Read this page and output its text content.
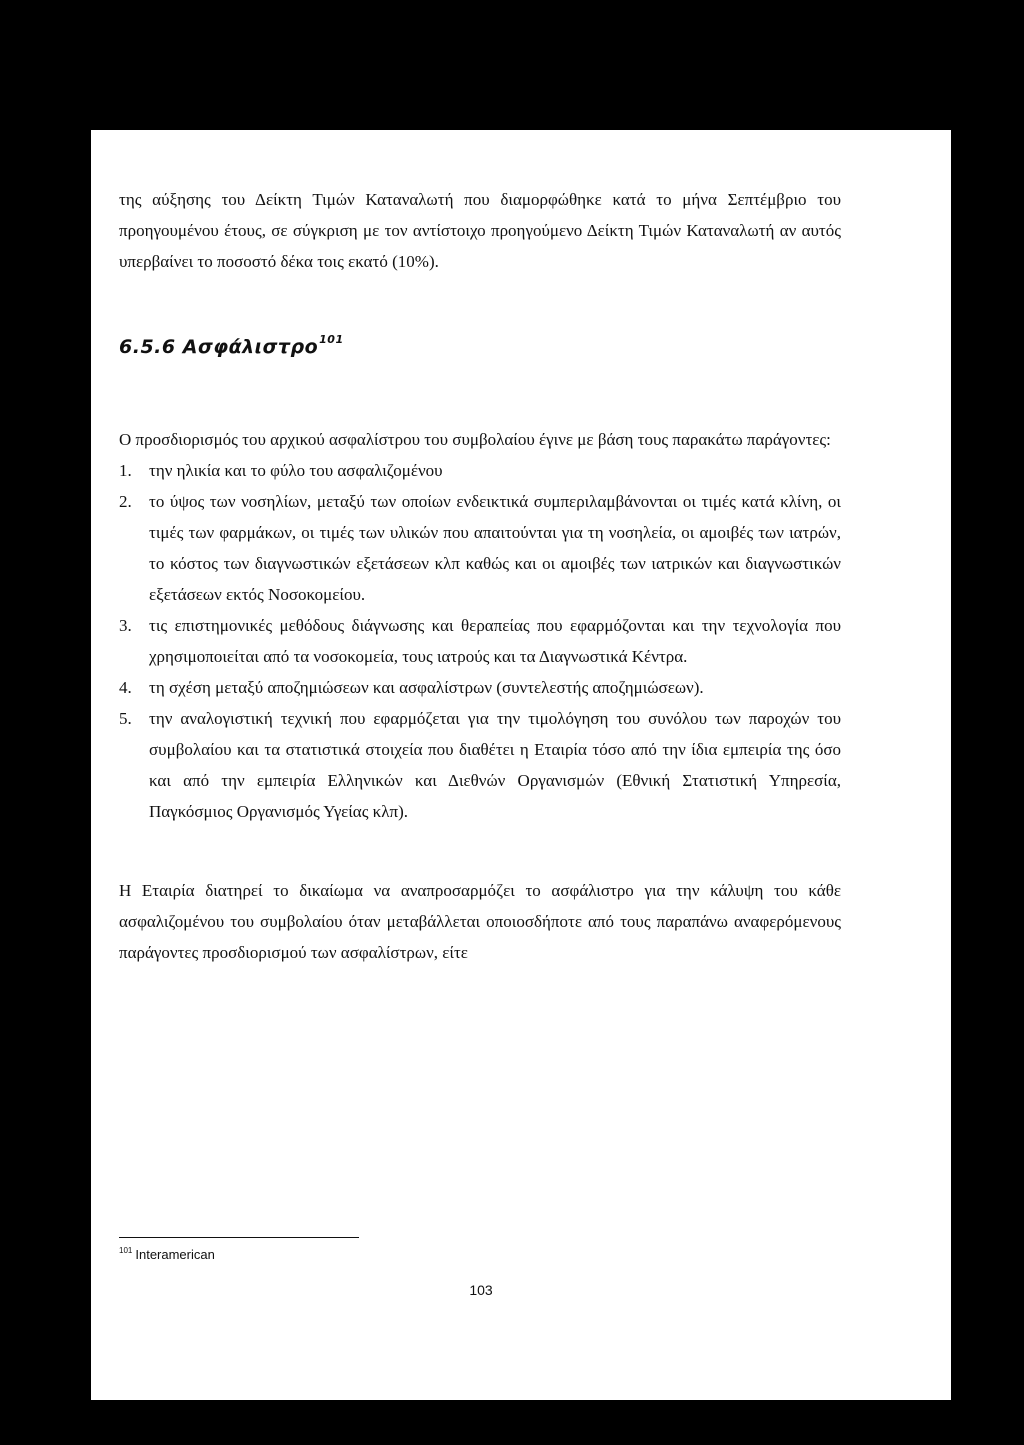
της αύξησης του Δείκτη Τιμών Καταναλωτή που διαμορφώθηκε κατά το μήνα Σεπτέμβριο του προηγουμένου έτους, σε σύγκριση με τον αντίστοιχο προηγούμενο Δείκτη Τιμών Καταναλωτή αν αυτός υπερβαίνει το ποσοστό δέκα τοις εκατό (10%).

6.5.6 Ασφάλιστρο$^{101}$

Ο προσδιορισμός του αρχικού ασφαλίστρου του συμβολαίου έγινε με βάση τους παρακάτω παράγοντες:

1.	την ηλικία και το φύλο του ασφαλιζομένου
2.	το ύψος των νοσηλίων, μεταξύ των οποίων ενδεικτικά συμπεριλαμβάνονται οι τιμές κατά κλίνη, οι τιμές των φαρμάκων, οι τιμές των υλικών που απαιτούνται για τη νοσηλεία, οι αμοιβές των ιατρών, το κόστος των διαγνωστικών εξετάσεων κλπ καθώς και οι αμοιβές των ιατρικών και διαγνωστικών εξετάσεων εκτός Νοσοκομείου.
3.	τις επιστημονικές μεθόδους διάγνωσης και θεραπείας που εφαρμόζονται και την τεχνολογία που χρησιμοποιείται από τα νοσοκομεία, τους ιατρούς και τα Διαγνωστικά Κέντρα.
4.	τη σχέση μεταξύ αποζημιώσεων και ασφαλίστρων (συντελεστής αποζημιώσεων).
5.	την αναλογιστική τεχνική που εφαρμόζεται για την τιμολόγηση του συνόλου των παροχών του συμβολαίου και τα στατιστικά στοιχεία που διαθέτει η Εταιρία τόσο από την ίδια εμπειρία της όσο και από την εμπειρία Ελληνικών και Διεθνών Οργανισμών (Εθνική Στατιστική Υπηρεσία, Παγκόσμιος Οργανισμός Υγείας κλπ).

Η Εταιρία διατηρεί το δικαίωμα να αναπροσαρμόζει το ασφάλιστρο για την κάλυψη του κάθε ασφαλιζομένου του συμβολαίου όταν μεταβάλλεται οποιοσδήποτε από τους παραπάνω αναφερόμενους παράγοντες προσδιορισμού των ασφαλίστρων, είτε

$^{101}$ Interamerican
103
